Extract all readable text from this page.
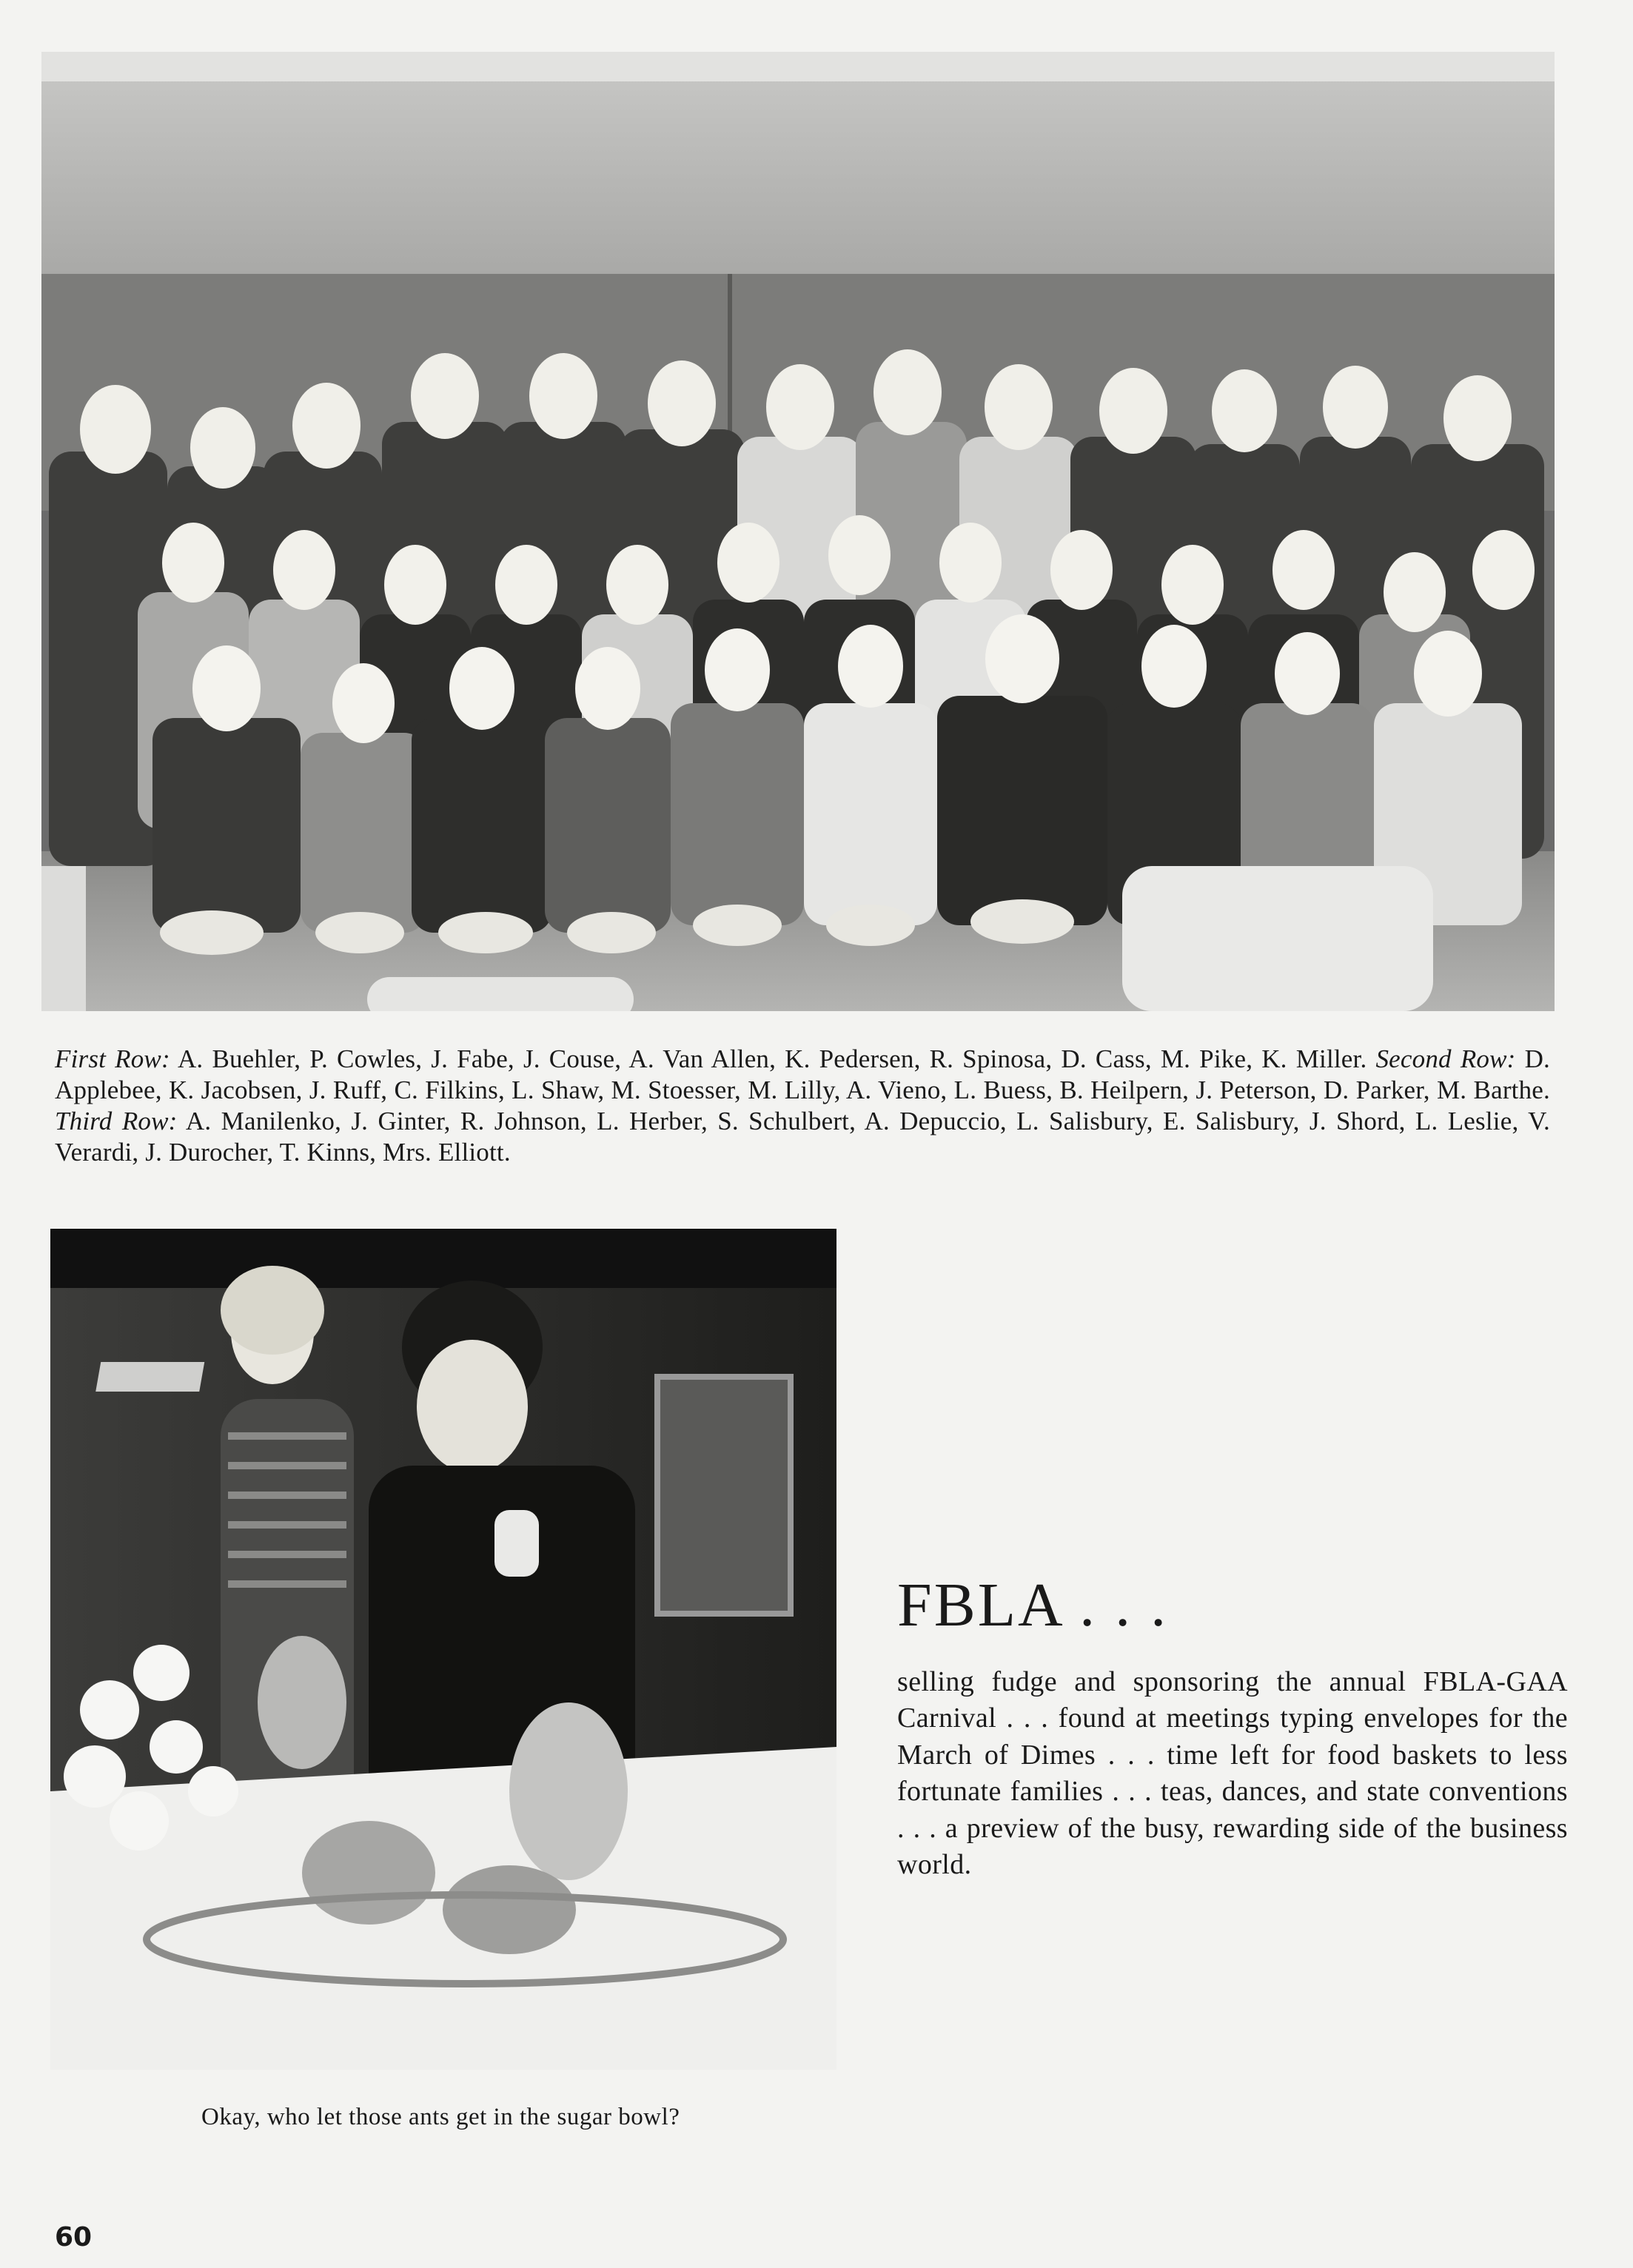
First Row: A. Buehler, P. Cowles, J. Fabe, J. Couse, A. Van Allen, K. Pedersen, R. Spinosa, D. Cass, M. Pike, K. Miller. Second Row: D. Applebee, K. Jacobsen, J. Ruff, C. Filkins, L. Shaw, M. Stoesser, M. Lilly, A. Vieno, L. Buess, B. Heilpern, J. Peterson, D. Parker, M. Barthe. Third Row: A. Manilenko, J. Ginter, R. Johnson, L. Herber, S. Schulbert, A. Depuccio, L. Salisbury, E. Salisbury, J. Shord, L. Leslie, V. Verardi, J. Durocher, T. Kinns, Mrs. Elliott.
Okay, who let those ants get in the sugar bowl?
FBLA . . .

selling fudge and sponsoring the annual FBLA-GAA Carnival . . . found at meetings typing envelopes for the March of Dimes . . . time left for food baskets to less fortunate families . . . teas, dances, and state conventions . . . a preview of the busy, rewarding side of the business world.

60
